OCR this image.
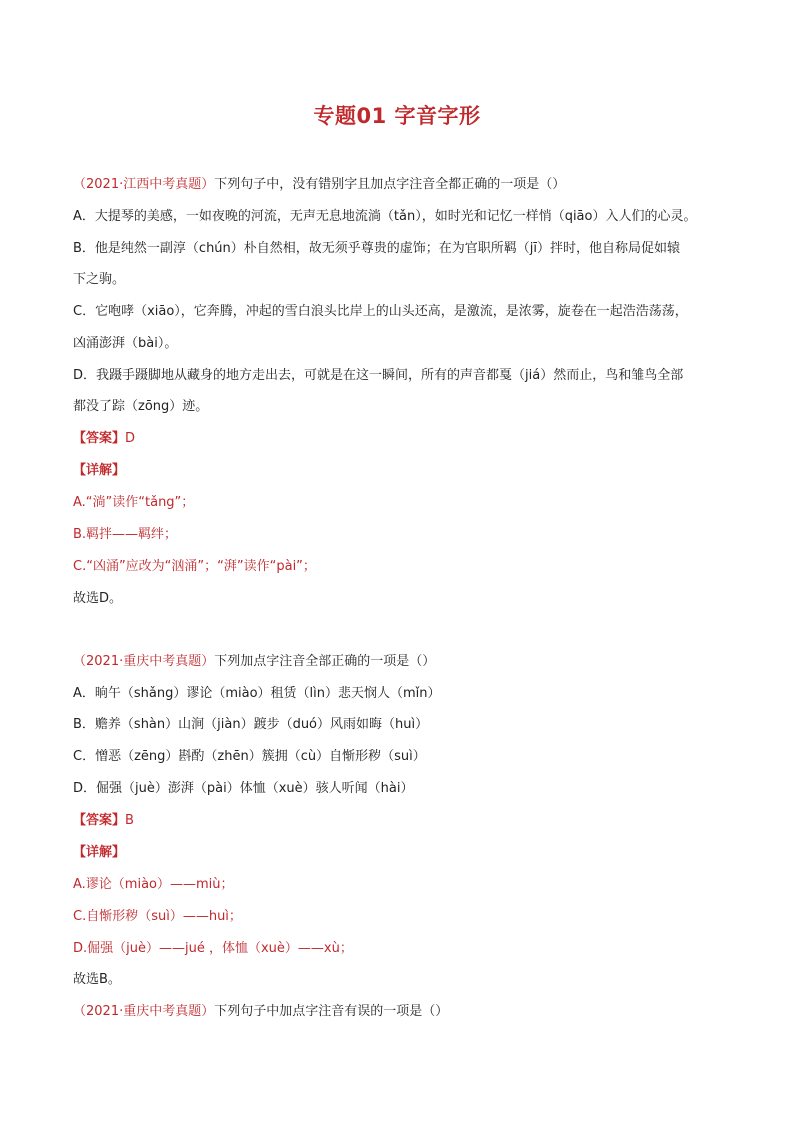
专题01 字音字形
（2021·江西中考真题）下列句子中，没有错别字且加点字注音全都正确的一项是（）
A．大提琴的美感，一如夜晚的河流，无声无息地流淌（tǎn），如时光和记忆一样悄（qiāo）入人们的心灵。
B．他是纯然一副淳（chún）朴自然相，故无须乎尊贵的虚饰；在为官职所羁（jī）拌时，他自称局促如辕
下之驹。
C．它咆哮（xiāo），它奔腾，冲起的雪白浪头比岸上的山头还高，是激流，是浓雾，旋卷在一起浩浩荡荡，
凶涌澎湃（bài）。
D．我蹑手蹑脚地从藏身的地方走出去，可就是在这一瞬间，所有的声音都戛（jiá）然而止，鸟和雏鸟全部
都没了踪（zōng）迹。
【答案】D
【详解】
A.“淌”读作“tǎng”；
B.羁拌——羁绊；
C.“凶涌”应改为“汹涌”；“湃”读作“pài”；
故选D。
（2021·重庆中考真题）下列加点字注音全部正确的一项是（）
A．晌午（shǎng）谬论（miào）租赁（lìn）悲天悯人（mǐn）
B．赡养（shàn）山涧（jiàn）踱步（duó）风雨如晦（huì）
C．憎恶（zēng）斟酌（zhēn）簇拥（cù）自惭形秽（suì）
D．倔强（juè）澎湃（pài）体恤（xuè）骇人听闻（hài）
【答案】B
【详解】
A.谬论（miào）——miù；
C.自惭形秽（suì）——huì；
D.倔强（juè）——jué ，体恤（xuè）——xù；
故选B。
（2021·重庆中考真题）下列句子中加点字注音有误的一项是（）
